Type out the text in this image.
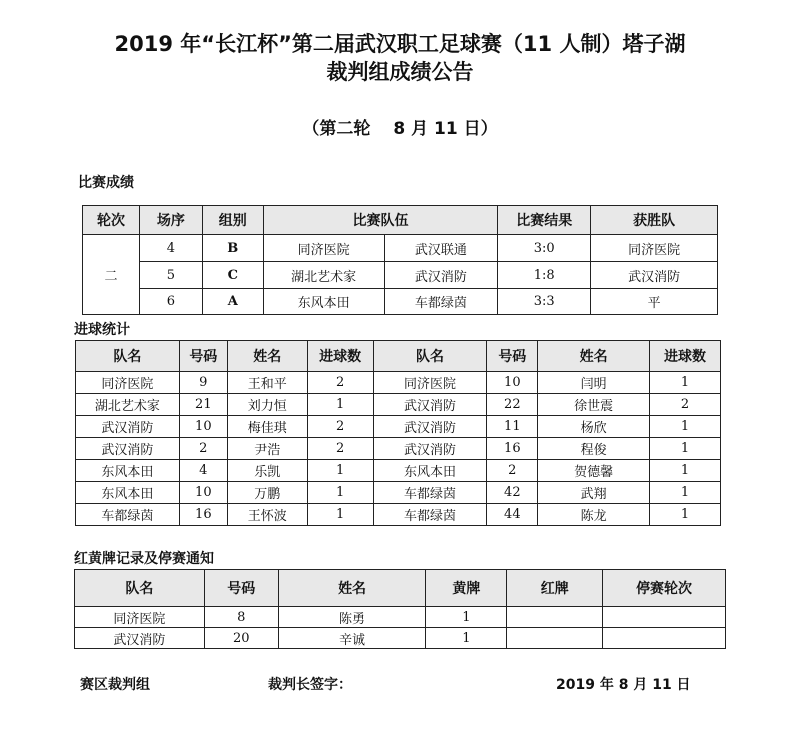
2019 年“长江杯”第二届武汉职工足球赛（11 人制）塔子湖
裁判组成绩公告
（第二轮　 8 月 11 日）
比赛成绩
轮次	场序	组别	比赛队伍		比赛结果	获胜队
二	4	B	同济医院	武汉联通	3:0	同济医院
	5	C	湖北艺术家	武汉消防	1:8	武汉消防
	6	A	东风本田	车都绿茵	3:3	平
进球统计
队名	号码	姓名	进球数	队名	号码	姓名	进球数
同济医院	9	王和平	2	同济医院	10	闫明	1
湖北艺术家	21	刘力恒	1	武汉消防	22	徐世震	2
武汉消防	10	梅佳琪	2	武汉消防	11	杨欣	1
武汉消防	2	尹浩	2	武汉消防	16	程俊	1
东风本田	4	乐凯	1	东风本田	2	贺德馨	1
东风本田	10	万鹏	1	车都绿茵	42	武翔	1
车都绿茵	16	王怀波	1	车都绿茵	44	陈龙	1
红黄牌记录及停赛通知
队名	号码	姓名	黄牌	红牌	停赛轮次
同济医院	8	陈勇	1		
武汉消防	20	辛诚	1		
赛区裁判组	裁判长签字：	2019 年 8 月 11 日
